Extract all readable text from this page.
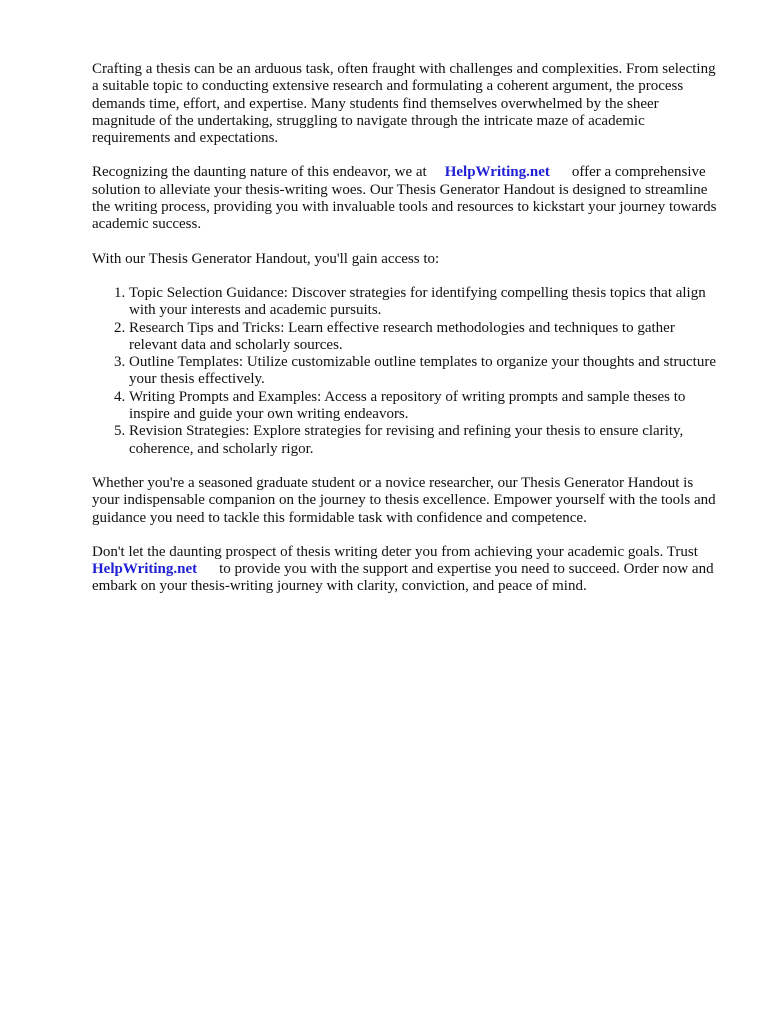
Crafting a thesis can be an arduous task, often fraught with challenges and complexities. From selecting a suitable topic to conducting extensive research and formulating a coherent argument, the process demands time, effort, and expertise. Many students find themselves overwhelmed by the sheer magnitude of the undertaking, struggling to navigate through the intricate maze of academic requirements and expectations.

Recognizing the daunting nature of this endeavor, we at HelpWriting.net offer a comprehensive solution to alleviate your thesis-writing woes. Our Thesis Generator Handout is designed to streamline the writing process, providing you with invaluable tools and resources to kickstart your journey towards academic success.

With our Thesis Generator Handout, you'll gain access to:

1. Topic Selection Guidance: Discover strategies for identifying compelling thesis topics that align with your interests and academic pursuits.
2. Research Tips and Tricks: Learn effective research methodologies and techniques to gather relevant data and scholarly sources.
3. Outline Templates: Utilize customizable outline templates to organize your thoughts and structure your thesis effectively.
4. Writing Prompts and Examples: Access a repository of writing prompts and sample theses to inspire and guide your own writing endeavors.
5. Revision Strategies: Explore strategies for revising and refining your thesis to ensure clarity, coherence, and scholarly rigor.

Whether you're a seasoned graduate student or a novice researcher, our Thesis Generator Handout is your indispensable companion on the journey to thesis excellence. Empower yourself with the tools and guidance you need to tackle this formidable task with confidence and competence.

Don't let the daunting prospect of thesis writing deter you from achieving your academic goals. Trust HelpWriting.net to provide you with the support and expertise you need to succeed. Order now and embark on your thesis-writing journey with clarity, conviction, and peace of mind.
